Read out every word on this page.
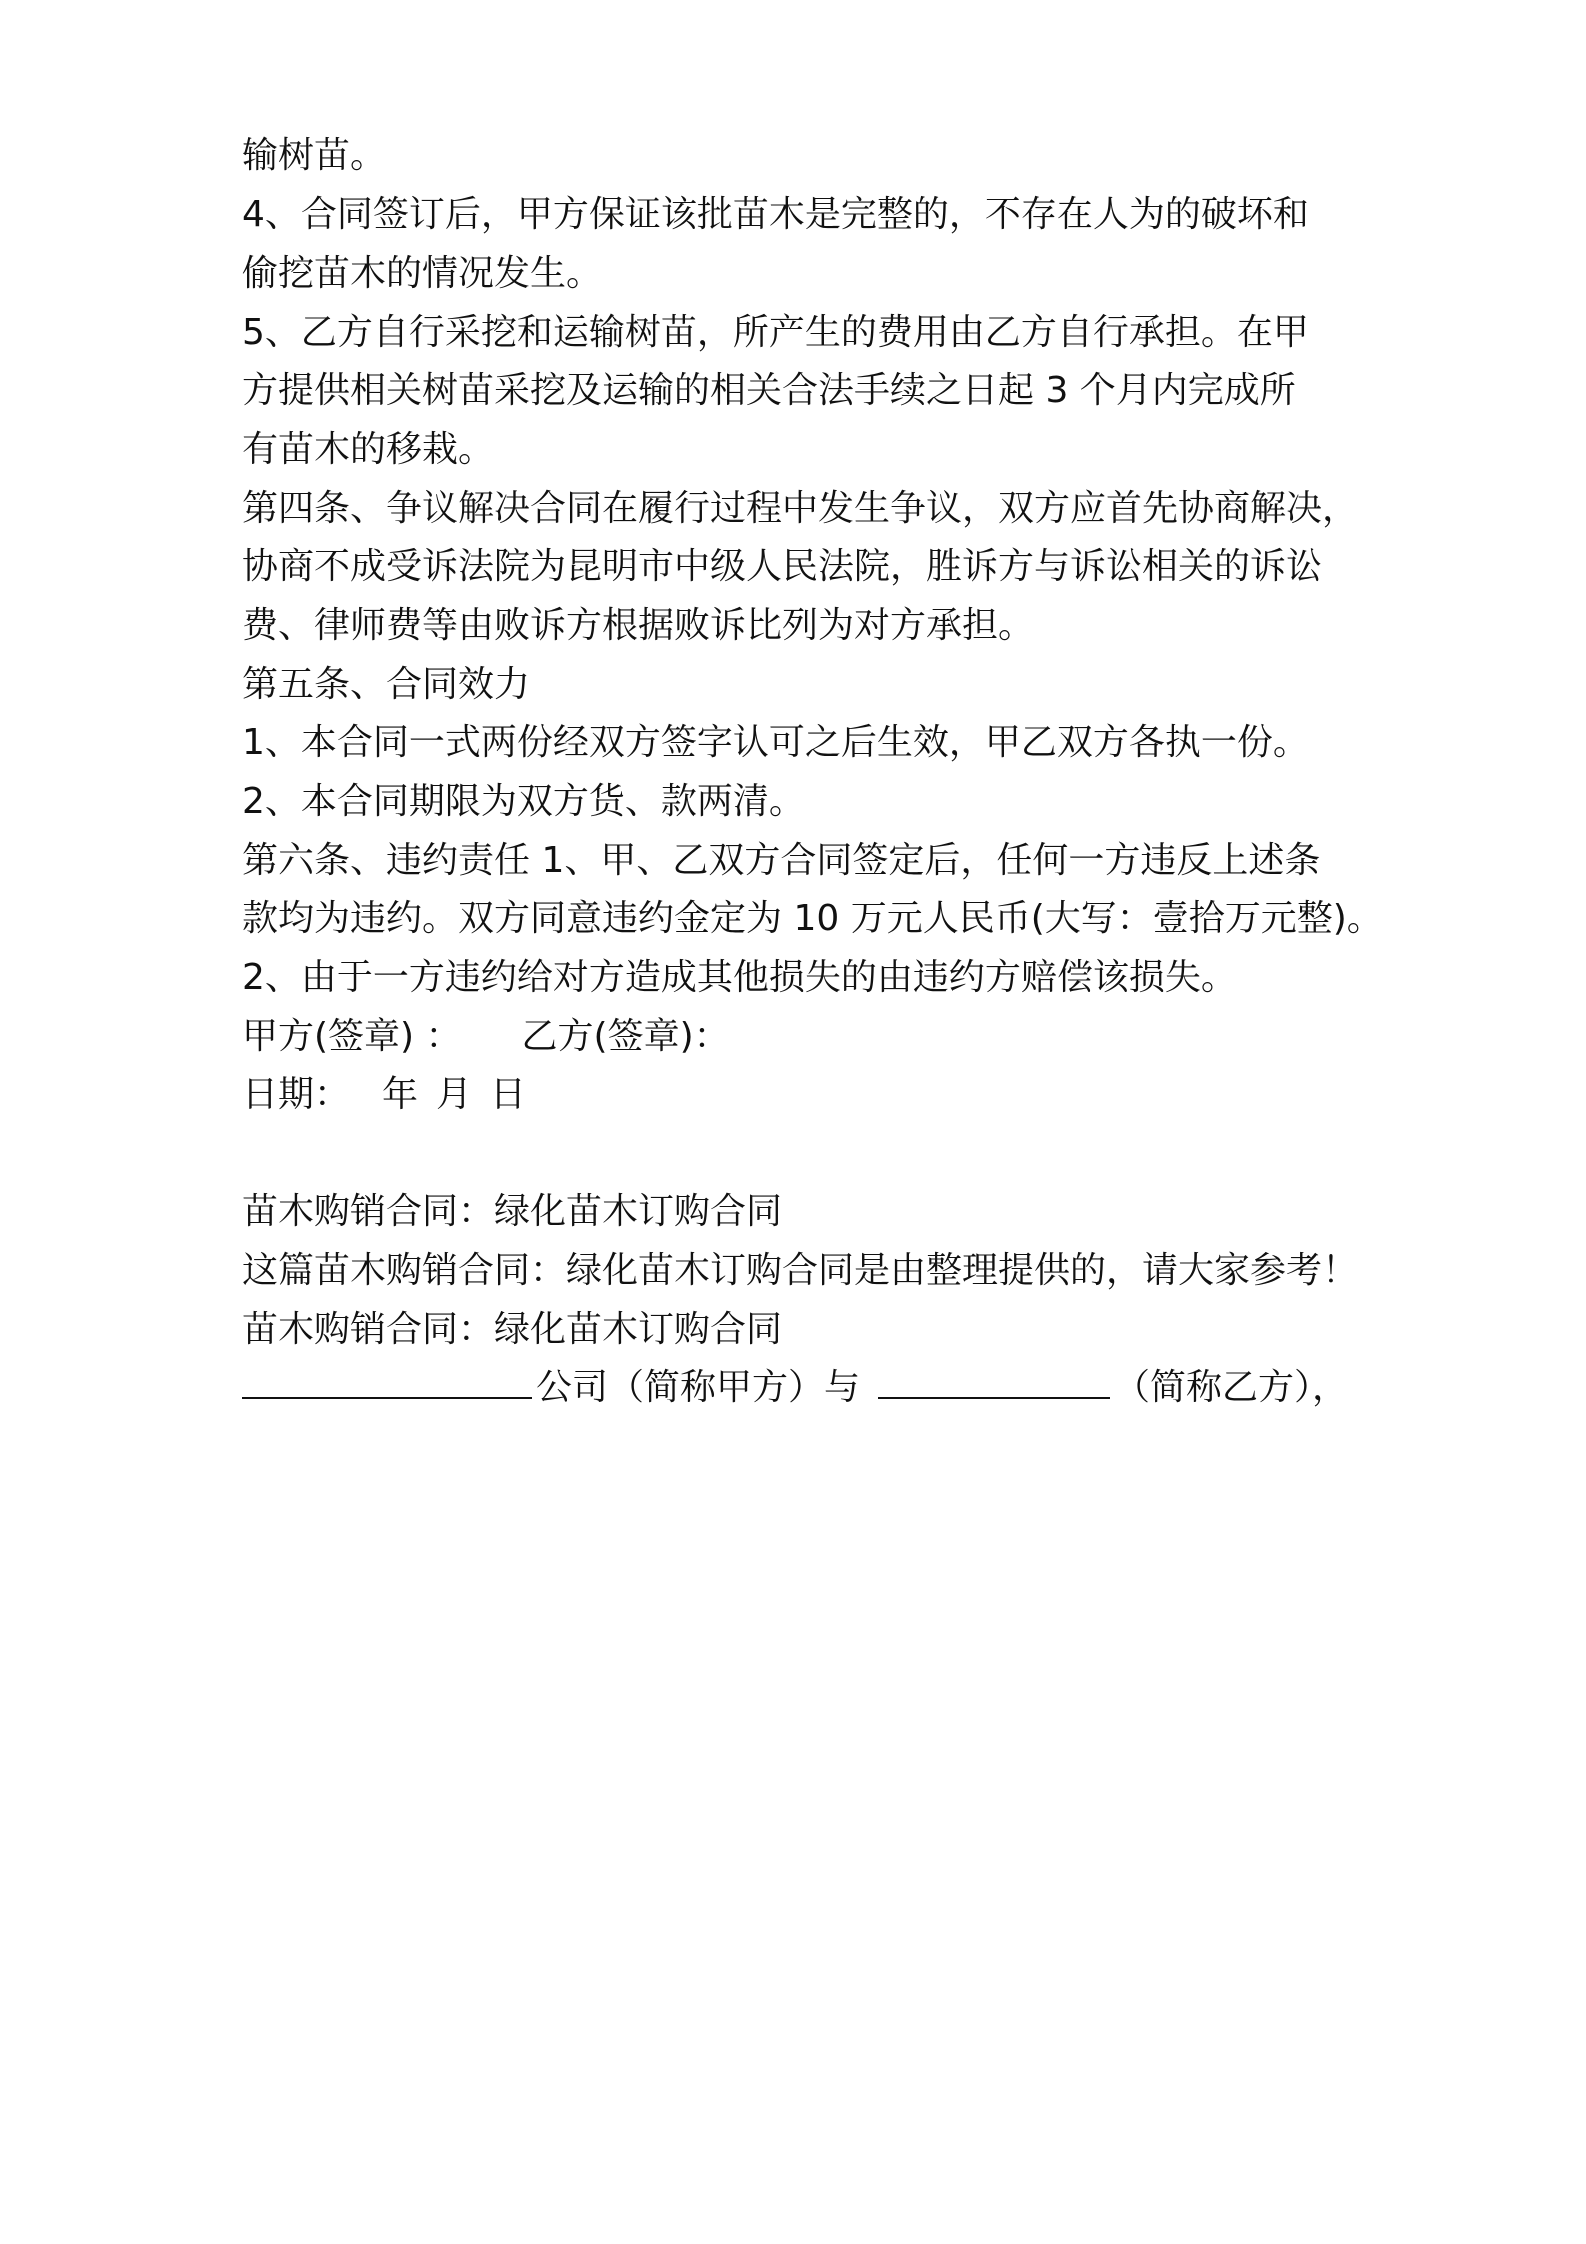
输树苗。
4、合同签订后，甲方保证该批苗木是完整的，不存在人为的破坏和
偷挖苗木的情况发生。
5、乙方自行采挖和运输树苗，所产生的费用由乙方自行承担。在甲
方提供相关树苗采挖及运输的相关合法手续之日起 3 个月内完成所
有苗木的移栽。
第四条、争议解决合同在履行过程中发生争议，双方应首先协商解决，
协商不成受诉法院为昆明市中级人民法院，胜诉方与诉讼相关的诉讼
费、律师费等由败诉方根据败诉比列为对方承担。
第五条、合同效力
1、本合同一式两份经双方签字认可之后生效，甲乙双方各执一份。
2、本合同期限为双方货、款两清。
第六条、违约责任 1、甲、乙双方合同签定后，任何一方违反上述条
款均为违约。双方同意违约金定为 10 万元人民币(大写：壹拾万元整)。
2、由于一方违约给对方造成其他损失的由违约方赔偿该损失。
甲方(签章) ： 乙方(签章)：
日期： 年 月 日
苗木购销合同：绿化苗木订购合同
这篇苗木购销合同：绿化苗木订购合同是由整理提供的，请大家参考！
苗木购销合同：绿化苗木订购合同
公司（简称甲方）与	（简称乙方），
